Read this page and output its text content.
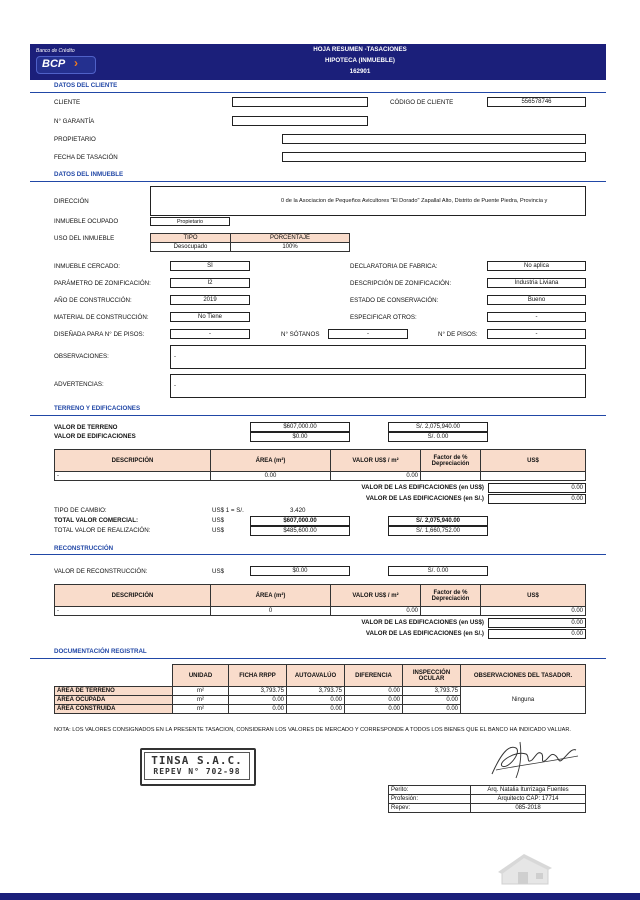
Banco de Crédito
BCP ›
HOJA RESUMEN -TASACIONES
HIPOTECA (INMUEBLE)
162901
DATOS DEL CLIENTE
CLIENTE	CÓDIGO DE CLIENTE	556578746
N° GARANTÍA
PROPIETARIO
FECHA DE TASACIÓN
DATOS DEL INMUEBLE
DIRECCIÓN	0 de la Asociacion de Pequeños Avicultores "El Dorado" Zapallal Alto, Distrito de Puente Piedra, Provincia y
INMUEBLE OCUPADO	Propietario
USO DEL INMUEBLE	TIPO	PORCENTAJE
Desocupado	100%
INMUEBLE CERCADO:	SÍ	DECLARATORIA DE FABRICA:	No aplica
PARÁMETRO DE ZONIFICACIÓN:	I2	DESCRIPCIÓN DE ZONIFICACIÓN:	Industria Liviana
AÑO DE CONSTRUCCIÓN:	2019	ESTADO DE CONSERVACIÓN:	Bueno
MATERIAL DE CONSTRUCCIÓN:	No Tiene	ESPECIFICAR OTROS:	-
DISEÑADA PARA N° DE PISOS:	-	N° SÓTANOS	-	N° DE PISOS:	-
OBSERVACIONES:	-
ADVERTENCIAS:	-
TERRENO Y EDIFICACIONES
VALOR DE TERRENO	$607,000.00	S/. 2,075,940.00
VALOR DE EDIFICACIONES	$0.00	S/. 0.00
DESCRIPCIÓN	ÁREA (m²)	VALOR US$ / m²	Factor de % Depreciación	US$
-	0.00	0.00		
VALOR DE LAS EDIFICACIONES (en US$)	0.00
VALOR DE LAS EDIFICACIONES (en S/.)	0.00
TIPO DE CAMBIO:	US$ 1 = S/.	3.420
TOTAL VALOR COMERCIAL:	US$	$607,000.00	S/. 2,075,940.00
TOTAL VALOR DE REALIZACIÓN:	US$	$485,600.00	S/. 1,660,752.00
RECONSTRUCCIÓN
VALOR DE RECONSTRUCCIÓN:	US$	$0.00	S/. 0.00
DESCRIPCIÓN	ÁREA (m²)	VALOR US$ / m²	Factor de % Depreciación	US$
-	0	0.00		0.00
VALOR DE LAS EDIFICACIONES (en US$)	0.00
VALOR DE LAS EDIFICACIONES (en S/.)	0.00
DOCUMENTACIÓN REGISTRAL
	UNIDAD	FICHA RRPP	AUTOAVALÚO	DIFERENCIA	INSPECCIÓN OCULAR	OBSERVACIONES DEL TASADOR.
ÁREA DE TERRENO	m²	3,793.75	3,793.75	0.00	3,793.75	Ninguna
ÁREA OCUPADA	m²	0.00	0.00	0.00	0.00	
ÁREA CONSTRUIDA	m²	0.00	0.00	0.00	0.00	
NOTA: LOS VALORES CONSIGNADOS EN LA PRESENTE TASACION, CONSIDERAN LOS VALORES DE MERCADO Y CORRESPONDE A TODOS LOS BIENES QUE EL BANCO HA INDICADO VALUAR.
TINSA S.A.C.
REPEV N° 702-98
Perito:	Arq. Natalia Iturrizaga Fuentes
Profesión:	Arquitecto CAP: 17714
Repev:	085-2018
